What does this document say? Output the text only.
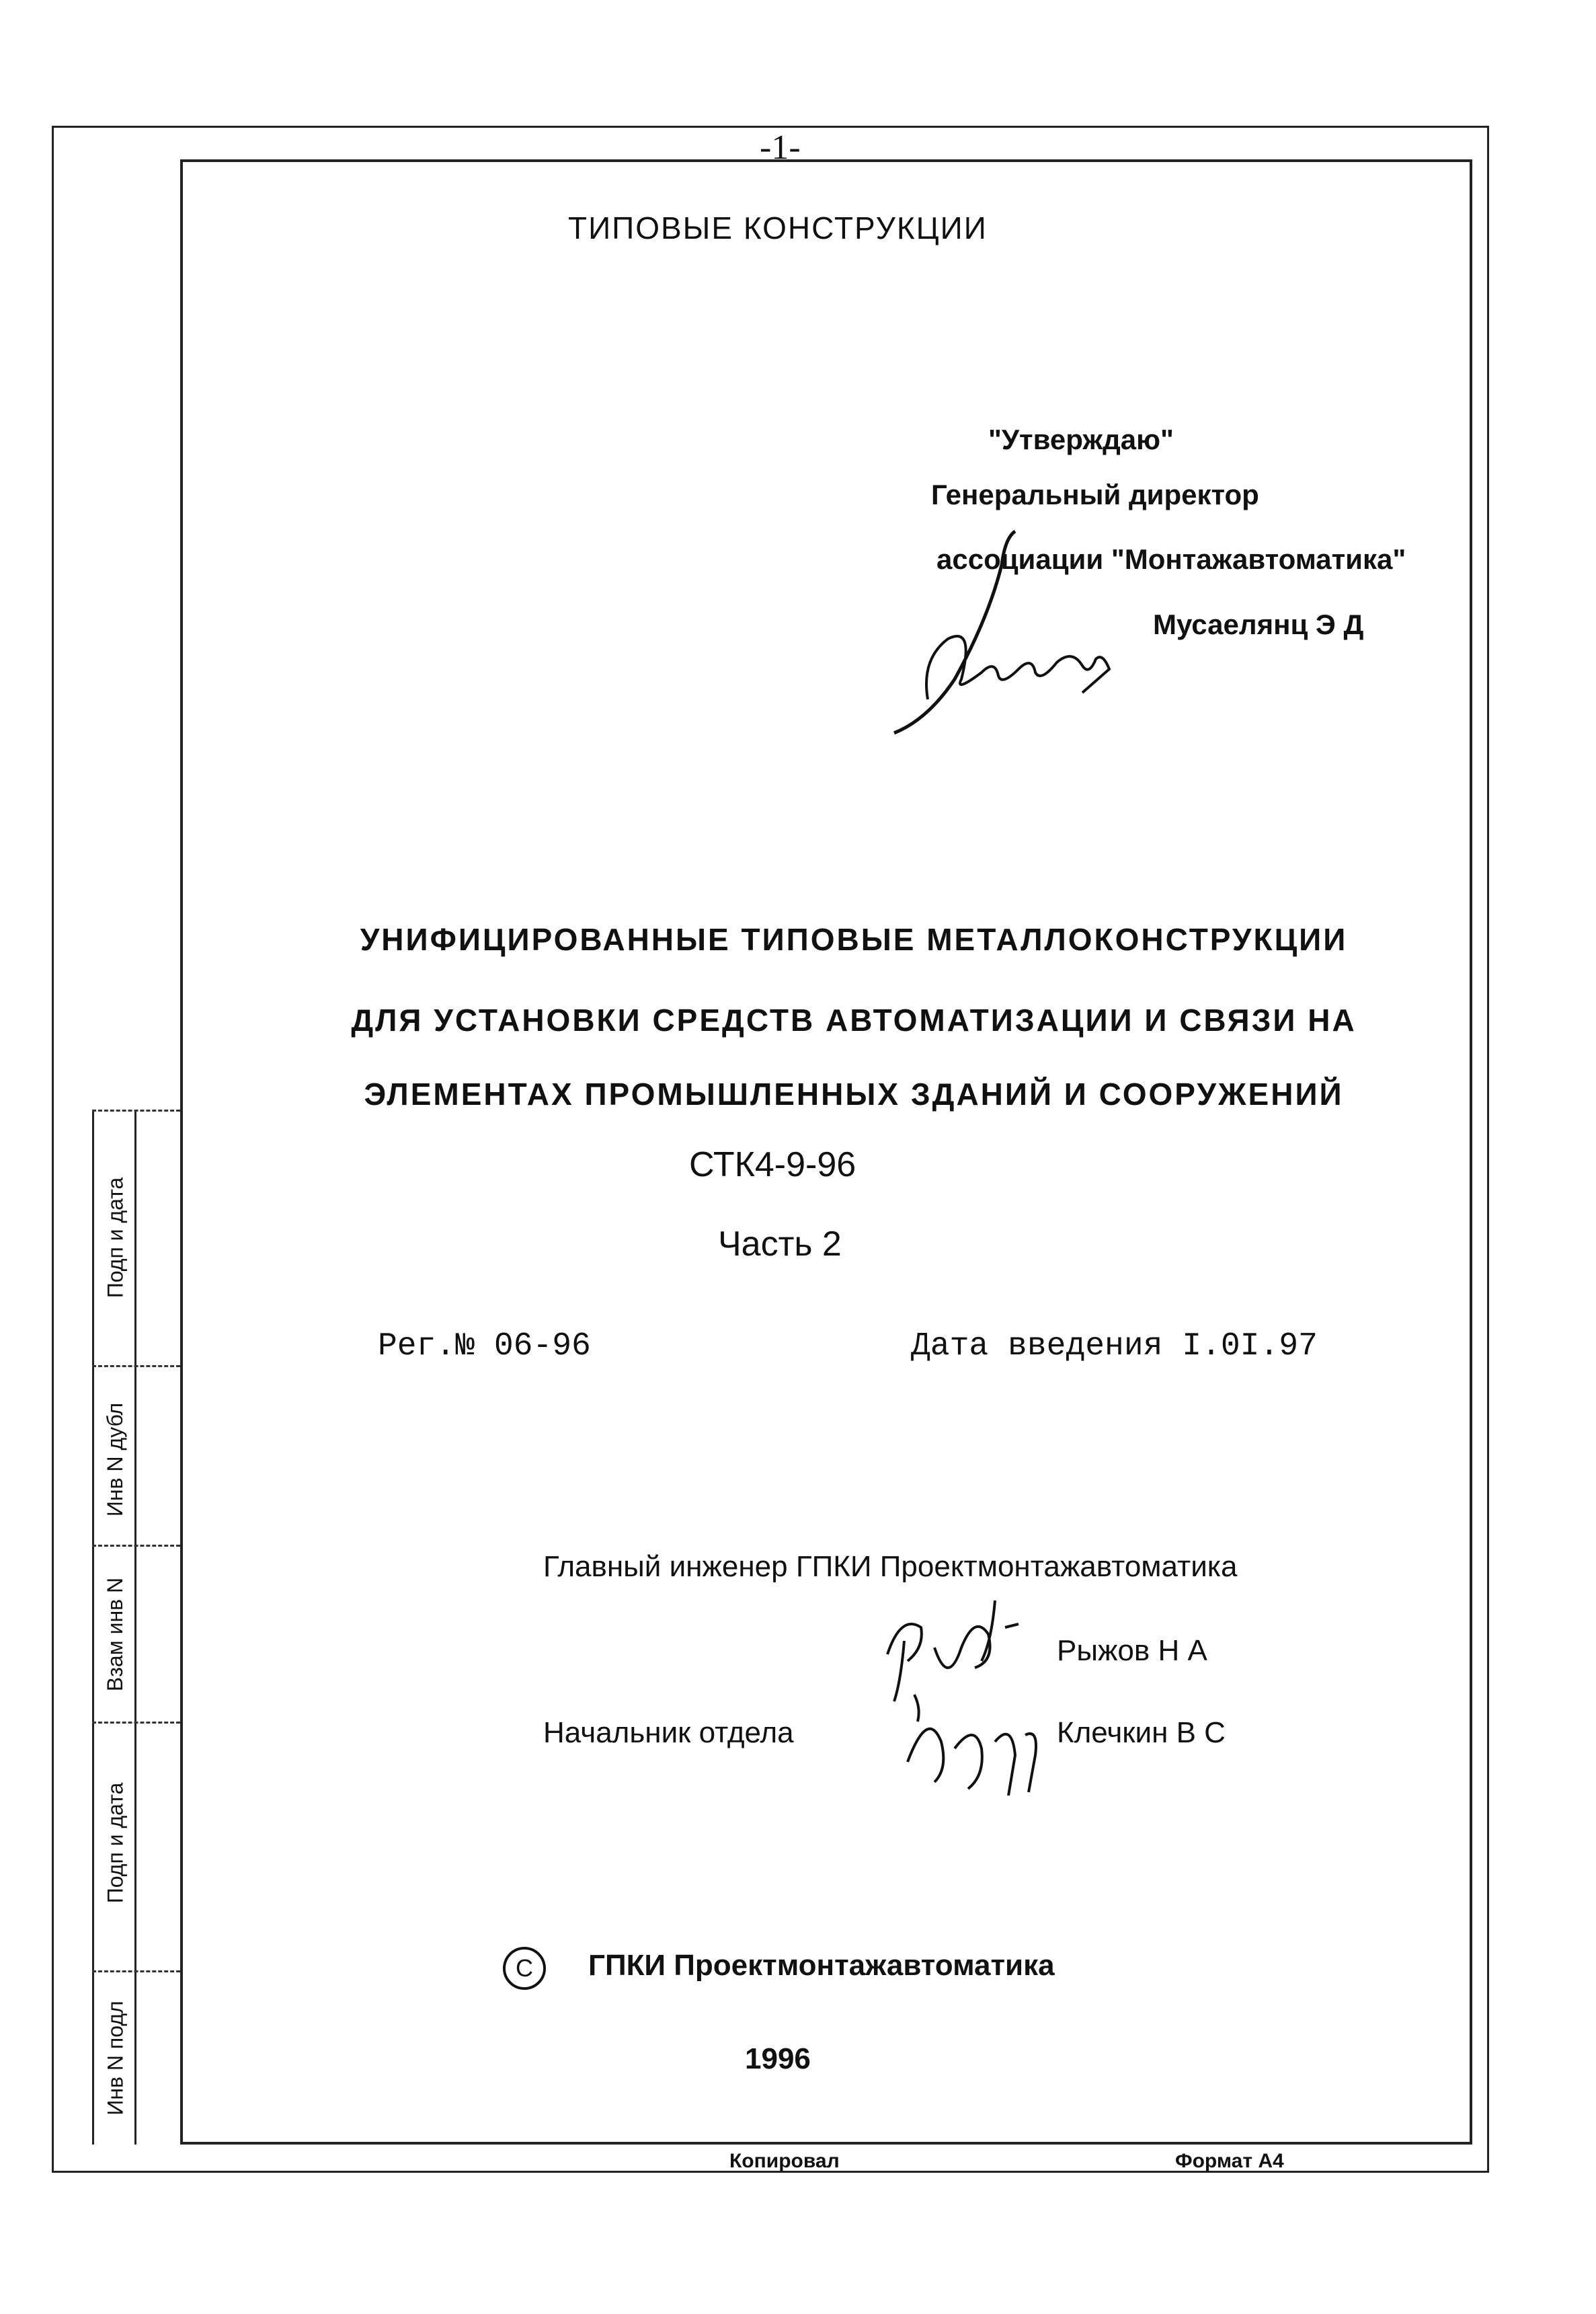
Инв N подл
Подп и дата
Взам инв N
Инв N дубл
Подп и дата
-1-
ТИПОВЫЕ КОНСТРУКЦИИ
"Утверждаю"
Генеральный директор
ассоциации "Монтажавтоматика"
Мусаелянц Э Д
УНИФИЦИРОВАННЫЕ ТИПОВЫЕ МЕТАЛЛОКОНСТРУКЦИИ
ДЛЯ УСТАНОВКИ СРЕДСТВ АВТОМАТИЗАЦИИ И СВЯЗИ НА
ЭЛЕМЕНТАХ ПРОМЫШЛЕННЫХ ЗДАНИЙ И СООРУЖЕНИЙ
СТК4-9-96
Часть 2
Рег.№ 06-96	Дата введения I.0I.97
Главный инженер ГПКИ Проектмонтажавтоматика
Рыжов Н А
Начальник отдела	Клечкин В С
С ГПКИ Проектмонтажавтоматика
1996
Копировал	Формат А4
